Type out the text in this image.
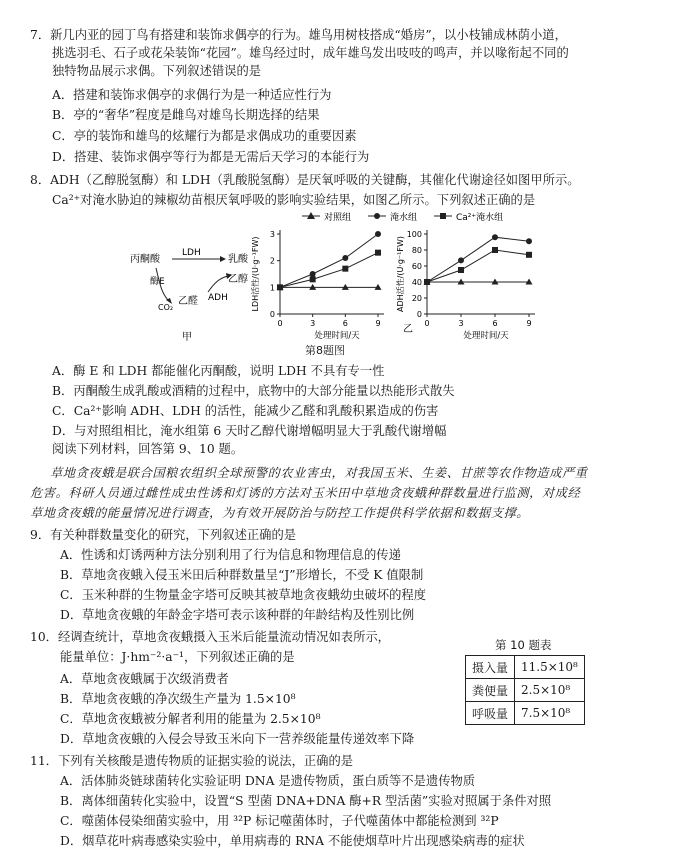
7．新几内亚的园丁鸟有搭建和装饰求偶亭的行为。雄鸟用树枝搭成“婚房”，以小枝铺成林荫小道，
挑选羽毛、石子或花朵装饰“花园”。雄鸟经过时，成年雄鸟发出吱吱的鸣声，并以喙衔起不同的
独特物品展示求偶。下列叙述错误的是
A．搭建和装饰求偶亭的求偶行为是一种适应性行为
B．亭的“奢华”程度是雌鸟对雄鸟长期选择的结果
C．亭的装饰和雄鸟的炫耀行为都是求偶成功的重要因素
D．搭建、装饰求偶亭等行为都是无需后天学习的本能行为
8．ADH（乙醇脱氢酶）和 LDH（乳酸脱氢酶）是厌氧呼吸的关键酶，其催化代谢途径如图甲所示。
Ca²⁺对淹水胁迫的辣椒幼苗根厌氧呼吸的影响实验结果，如图乙所示。下列叙述正确的是
丙酮酸
LDH
乳酸
酶E
CO₂
乙醛 ADH
乙醇
甲
对照组	淹水组	Ca²⁺淹水组
LDH活性/(U·g⁻¹FW)
0
1
2
3
0	3	6	9
处理时间/天
ADH活性/(U·g⁻¹FW)
0
20
40
60
80
100
0	3	6	9
处理时间/天
乙
第8题图
A．酶 E 和 LDH 都能催化丙酮酸，说明 LDH 不具有专一性
B．丙酮酸生成乳酸或酒精的过程中，底物中的大部分能量以热能形式散失
C．Ca²⁺影响 ADH、LDH 的活性，能减少乙醛和乳酸积累造成的伤害
D．与对照组相比，淹水组第 6 天时乙醇代谢增幅明显大于乳酸代谢增幅
阅读下列材料，回答第 9、10 题。
草地贪夜蛾是联合国粮农组织全球预警的农业害虫，对我国玉米、生姜、甘蔗等农作物造成严重
危害。科研人员通过雌性成虫性诱和灯诱的方法对玉米田中草地贪夜蛾种群数量进行监测，对成经
草地贪夜蛾的能量情况进行调查，为有效开展防治与防控工作提供科学依据和数据支撑。
9．有关种群数量变化的研究，下列叙述正确的是
A．性诱和灯诱两种方法分别利用了行为信息和物理信息的传递
B．草地贪夜蛾入侵玉米田后种群数量呈“J”形增长，不受 K 值限制
C．玉米种群的生物量金字塔可反映其被草地贪夜蛾幼虫破坏的程度
D．草地贪夜蛾的年龄金字塔可表示该种群的年龄结构及性别比例
10．经调查统计，草地贪夜蛾摄入玉米后能量流动情况如表所示，
能量单位：J·hm⁻²·a⁻¹，下列叙述正确的是
A．草地贪夜蛾属于次级消费者
B．草地贪夜蛾的净次级生产量为 1.5×10⁸
C．草地贪夜蛾被分解者利用的能量为 2.5×10⁸
D．草地贪夜蛾的入侵会导致玉米向下一营养级能量传递效率下降
第 10 题表
摄入量	11.5×10⁸
粪便量	2.5×10⁸
呼吸量	7.5×10⁸
11．下列有关核酸是遗传物质的证据实验的说法，正确的是
A．活体肺炎链球菌转化实验证明 DNA 是遗传物质，蛋白质等不是遗传物质
B．离体细菌转化实验中，设置“S 型菌 DNA+DNA 酶+R 型活菌”实验对照属于条件对照
C．噬菌体侵染细菌实验中，用 ³²P 标记噬菌体时，子代噬菌体中都能检测到 ³²P
D．烟草花叶病毒感染实验中，单用病毒的 RNA 不能使烟草叶片出现感染病毒的症状
